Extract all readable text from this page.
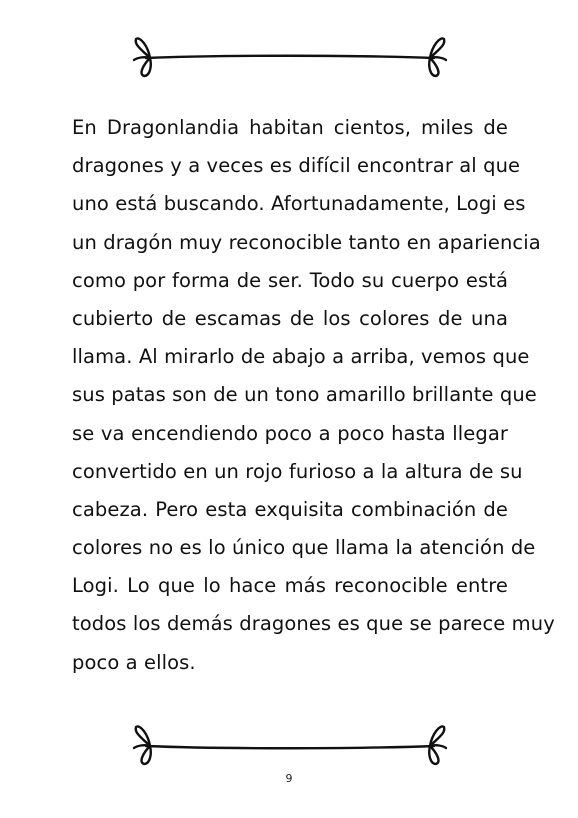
En Dragonlandia habitan cientos, miles de
dragones y a veces es difícil encontrar al que
uno está buscando. Afortunadamente, Logi es
un dragón muy reconocible tanto en apariencia
como por forma de ser. Todo su cuerpo está
cubierto de escamas de los colores de una
llama. Al mirarlo de abajo a arriba, vemos que
sus patas son de un tono amarillo brillante que
se va encendiendo poco a poco hasta llegar
convertido en un rojo furioso a la altura de su
cabeza. Pero esta exquisita combinación de
colores no es lo único que llama la atención de
Logi. Lo que lo hace más reconocible entre
todos los demás dragones es que se parece muy
poco a ellos.
9
